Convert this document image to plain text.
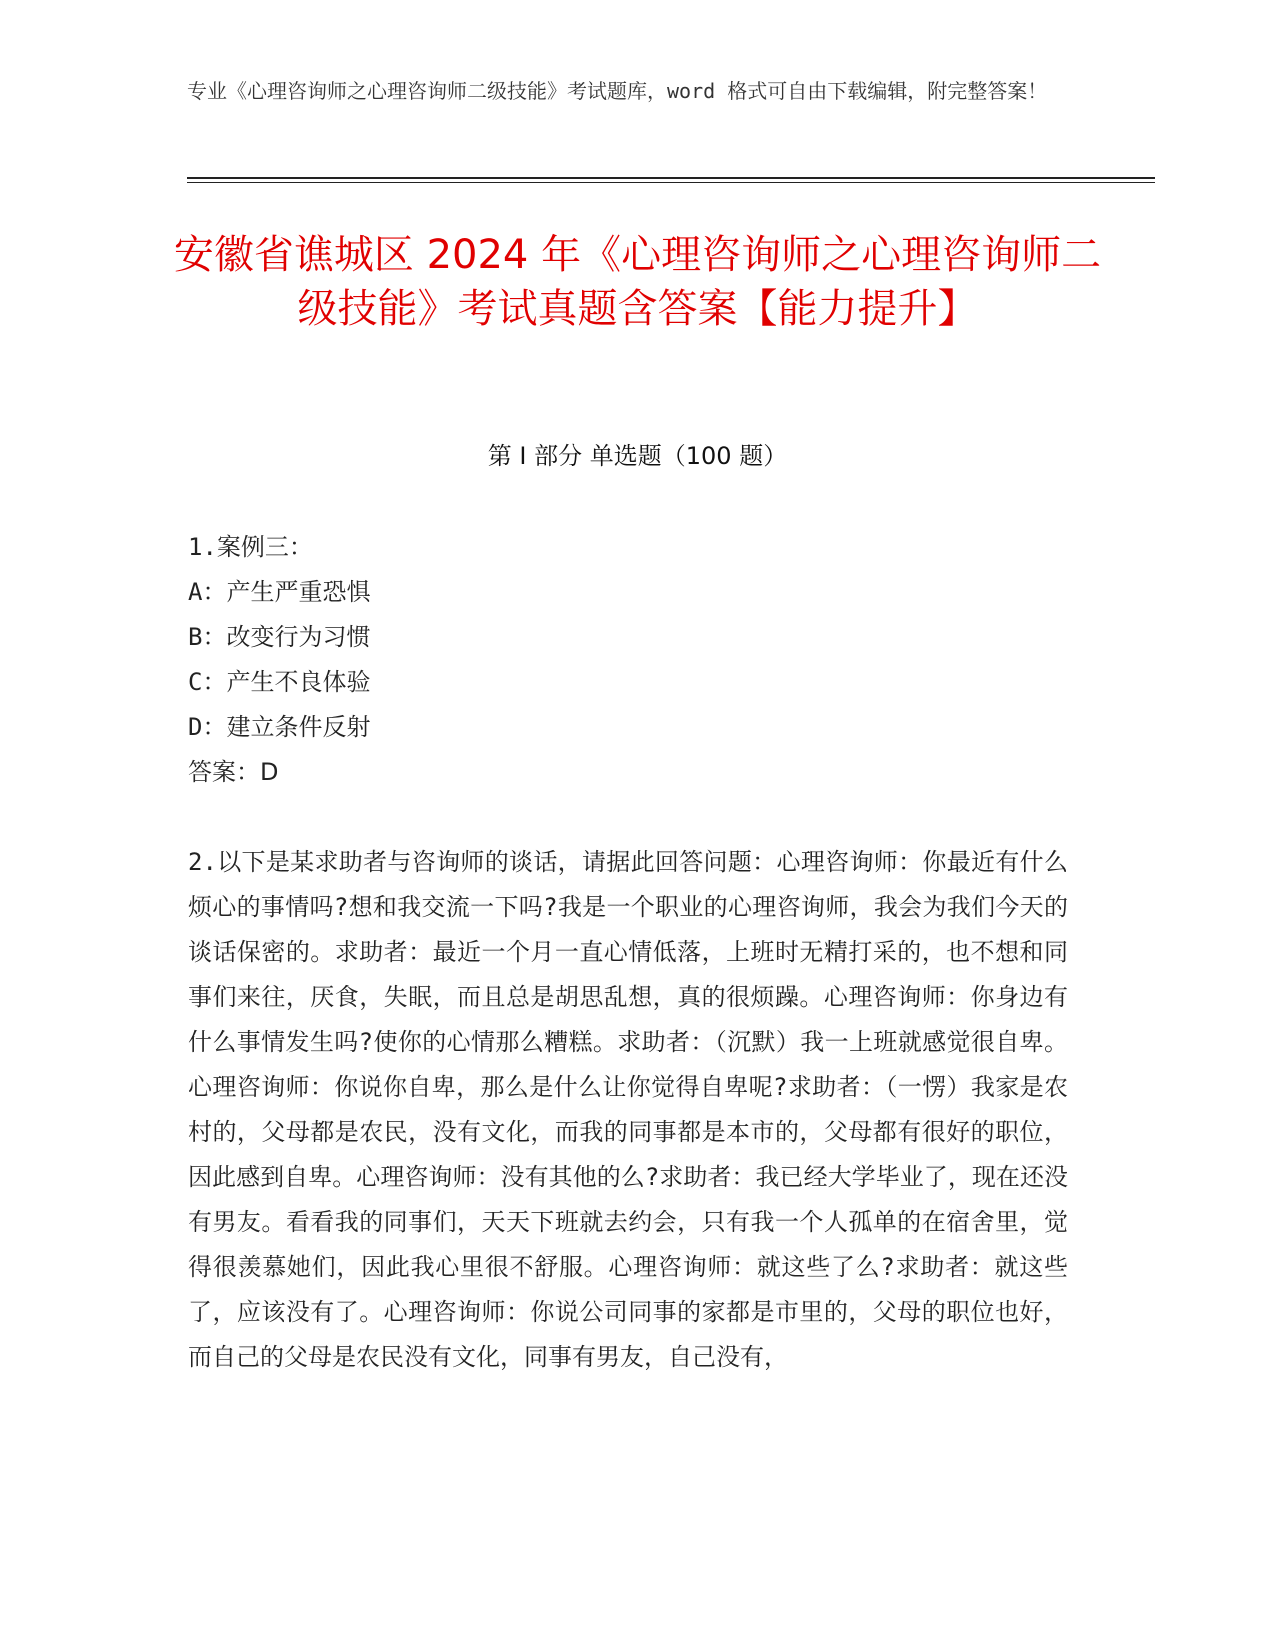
专业《心理咨询师之心理咨询师二级技能》考试题库，word 格式可自由下载编辑，附完整答案！
安徽省谯城区 2024 年《心理咨询师之心理咨询师二级技能》考试真题含答案【能力提升】
第 I 部分 单选题（100 题）
1.案例三：
A：产生严重恐惧
B：改变行为习惯
C：产生不良体验
D：建立条件反射
答案：D
2.以下是某求助者与咨询师的谈话，请据此回答问题：心理咨询师：你最近有什么烦心的事情吗?想和我交流一下吗?我是一个职业的心理咨询师，我会为我们今天的谈话保密的。求助者：最近一个月一直心情低落，上班时无精打采的，也不想和同事们来往，厌食，失眠，而且总是胡思乱想，真的很烦躁。心理咨询师：你身边有什么事情发生吗?使你的心情那么糟糕。求助者：（沉默）我一上班就感觉很自卑。心理咨询师：你说你自卑，那么是什么让你觉得自卑呢?求助者：（一愣）我家是农村的，父母都是农民，没有文化，而我的同事都是本市的，父母都有很好的职位，因此感到自卑。心理咨询师：没有其他的么?求助者：我已经大学毕业了，现在还没有男友。看看我的同事们，天天下班就去约会，只有我一个人孤单的在宿舍里，觉得很羡慕她们，因此我心里很不舒服。心理咨询师：就这些了么?求助者：就这些了，应该没有了。心理咨询师：你说公司同事的家都是市里的，父母的职位也好，而自己的父母是农民没有文化，同事有男友，自己没有，
